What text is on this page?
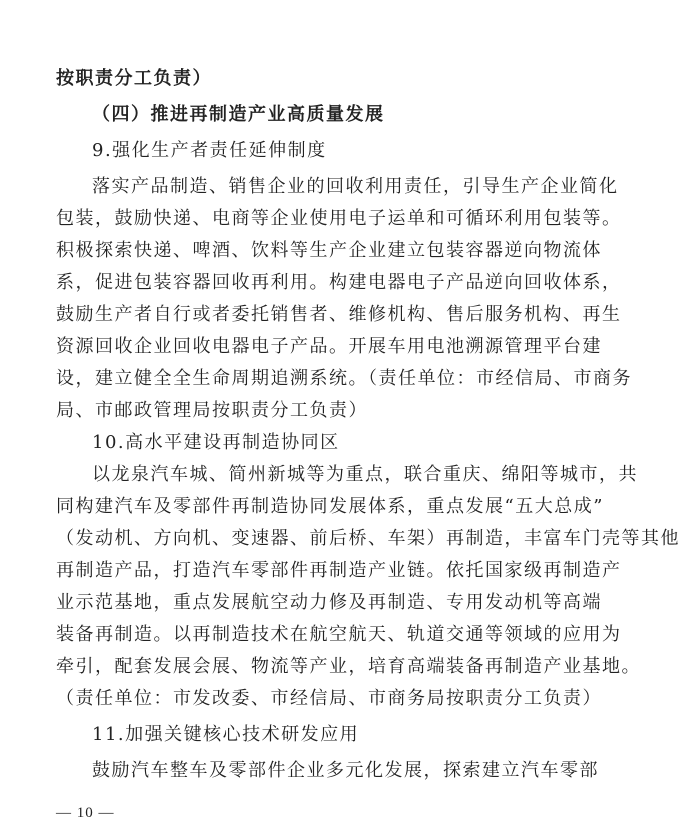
按职责分工负责）
（四）推进再制造产业高质量发展
9.强化生产者责任延伸制度
落实产品制造、销售企业的回收利用责任，引导生产企业简化
包装，鼓励快递、电商等企业使用电子运单和可循环利用包装等。
积极探索快递、啤酒、饮料等生产企业建立包装容器逆向物流体
系，促进包装容器回收再利用。构建电器电子产品逆向回收体系，
鼓励生产者自行或者委托销售者、维修机构、售后服务机构、再生
资源回收企业回收电器电子产品。开展车用电池溯源管理平台建
设，建立健全全生命周期追溯系统。（责任单位：市经信局、市商务
局、市邮政管理局按职责分工负责）
10.高水平建设再制造协同区
以龙泉汽车城、简州新城等为重点，联合重庆、绵阳等城市，共
同构建汽车及零部件再制造协同发展体系，重点发展“五大总成”
（发动机、方向机、变速器、前后桥、车架）再制造，丰富车门壳等其他
再制造产品，打造汽车零部件再制造产业链。依托国家级再制造产
业示范基地，重点发展航空动力修及再制造、专用发动机等高端
装备再制造。以再制造技术在航空航天、轨道交通等领域的应用为
牵引，配套发展会展、物流等产业，培育高端装备再制造产业基地。
（责任单位：市发改委、市经信局、市商务局按职责分工负责）
11.加强关键核心技术研发应用
鼓励汽车整车及零部件企业多元化发展，探索建立汽车零部
— 10 —
